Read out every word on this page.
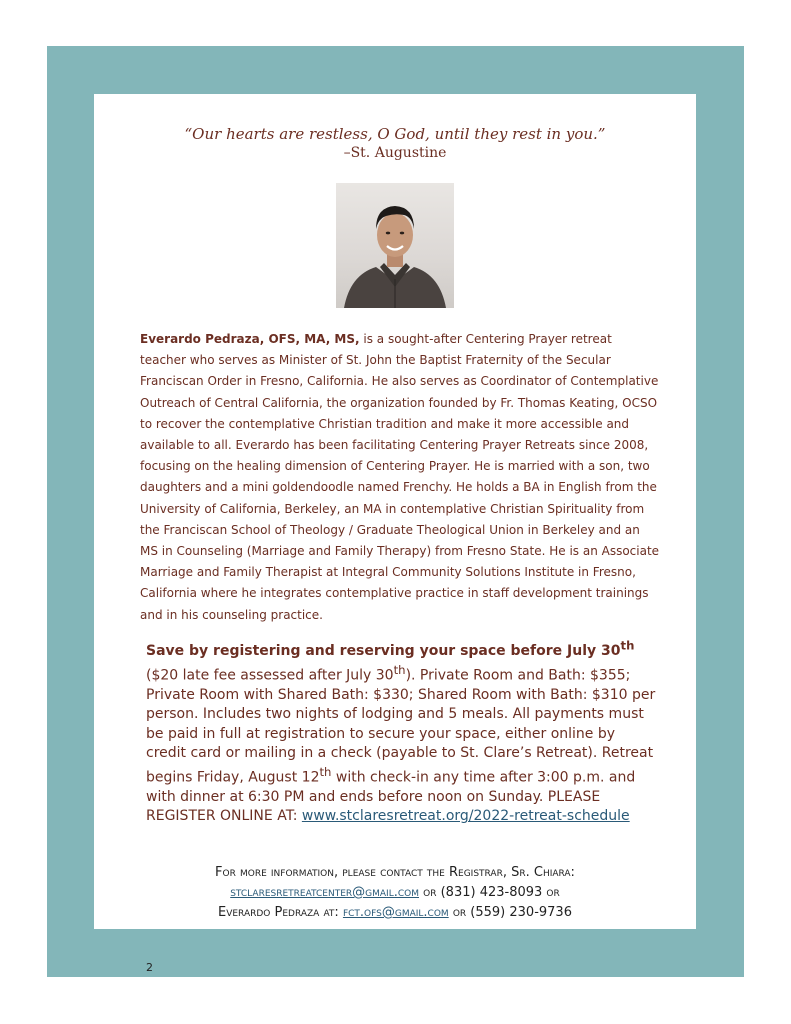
“Our hearts are restless, O God, until they rest in you.”
–St. Augustine
Everardo Pedraza, OFS, MA, MS, is a sought-after Centering Prayer retreat teacher who serves as Minister of St. John the Baptist Fraternity of the Secular Franciscan Order in Fresno, California. He also serves as Coordinator of Contemplative Outreach of Central California, the organization founded by Fr. Thomas Keating, OCSO to recover the contemplative Christian tradition and make it more accessible and available to all. Everardo has been facilitating Centering Prayer Retreats since 2008, focusing on the healing dimension of Centering Prayer. He is married with a son, two daughters and a mini goldendoodle named Frenchy. He holds a BA in English from the University of California, Berkeley, an MA in contemplative Christian Spirituality from the Franciscan School of Theology / Graduate Theological Union in Berkeley and an MS in Counseling (Marriage and Family Therapy) from Fresno State. He is an Associate Marriage and Family Therapist at Integral Community Solutions Institute in Fresno, California where he integrates contemplative practice in staff development trainings and in his counseling practice.
Save by registering and reserving your space before July 30th ($20 late fee assessed after July 30th). Private Room and Bath: $355; Private Room with Shared Bath: $330; Shared Room with Bath: $310 per person. Includes two nights of lodging and 5 meals. All payments must be paid in full at registration to secure your space, either online by credit card or mailing in a check (payable to St. Clare’s Retreat). Retreat begins Friday, August 12th with check-in any time after 3:00 p.m. and with dinner at 6:30 PM and ends before noon on Sunday. PLEASE REGISTER ONLINE AT: www.stclaresretreat.org/2022-retreat-schedule
For more information, please contact the Registrar, Sr. Chiara:
stclaresretreatcenter@gmail.com or (831) 423-8093 or
Everardo Pedraza at: fct.ofs@gmail.com or (559) 230-9736
2
